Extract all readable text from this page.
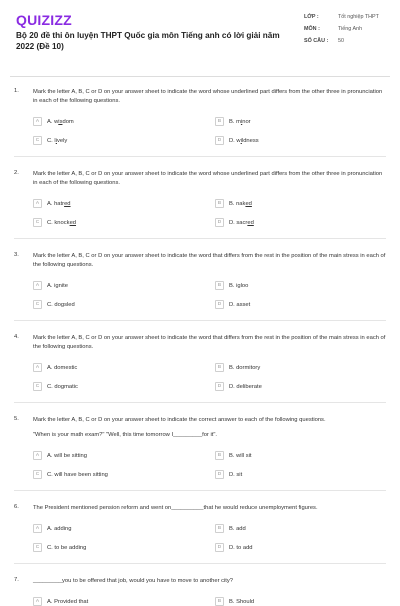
QUIZIZZ
Bộ 20 đề thi ôn luyện THPT Quốc gia môn Tiếng anh có lời giải năm 2022 (Đề 10)
LỚP :	Tốt nghiệp THPT
MÔN :	Tiếng Anh
SỐ CÂU :	50
1. Mark the letter A, B, C or D on your answer sheet to indicate the word whose underlined part differs from the other three in pronunciation in each of the following questions.

A	A. wisdom	B	B. minor
C	C. lively	D	D. wildness
2. Mark the letter A, B, C or D on your answer sheet to indicate the word whose underlined part differs from the other three in pronunciation in each of the following questions.

A	A. hatred	B	B. naked
C	C. knocked	D	D. sacred
3. Mark the letter A, B, C or D on your answer sheet to indicate the word that differs from the rest in the position of the main stress in each of the following questions.

A	A. ignite	B	B. igloo
C	C. dogsled	D	D. asset
4. Mark the letter A, B, C or D on your answer sheet to indicate the word that differs from the rest in the position of the main stress in each of the following questions.

A	A. domestic	B	B. dormitory
C	C. dogmatic	D	D. deliberate
5. Mark the letter A, B, C or D on your answer sheet to indicate the correct answer to each of the following questions.

"When is your math exam?" "Well, this time tomorrow I_________for it".
A	A. will be sitting	B	B. will sit
C	C. will have been sitting	D	D. sit
6. The President mentioned pension reform and went on__________that he would reduce unemployment figures.

A	A. adding	B	B. add
C	C. to be adding	D	D. to add
7. _________you to be offered that job, would you have to move to another city?

A	A. Provided that	B	B. Should
